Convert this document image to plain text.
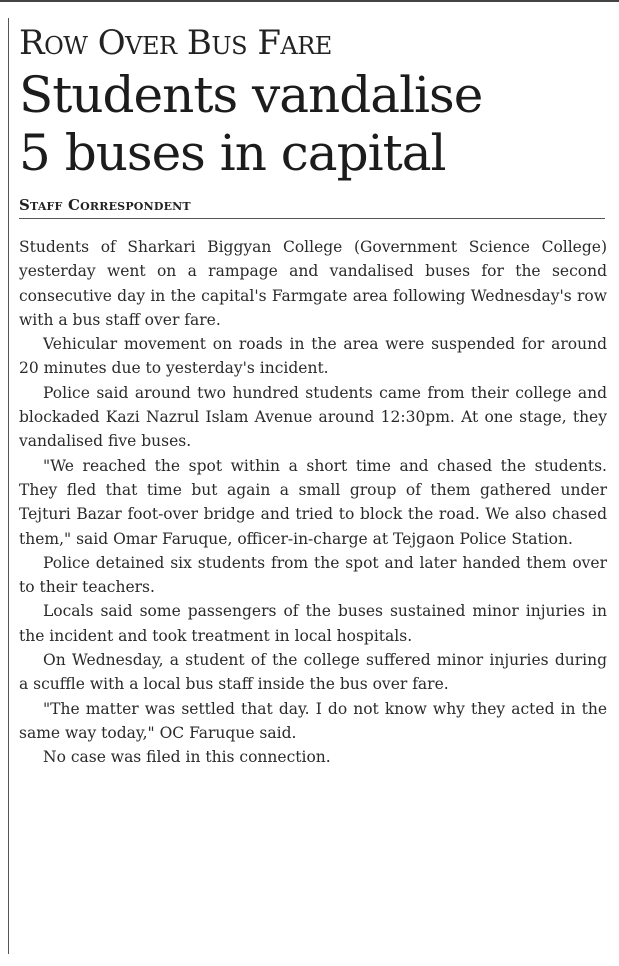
Row Over Bus Fare
Students vandalise
5 buses in capital
Staff Correspondent

Students of Sharkari Biggyan College (Government Science College) yesterday went on a rampage and vandalised buses for the second consecutive day in the capital's Farmgate area following Wednesday's row with a bus staff over fare.

Vehicular movement on roads in the area were suspended for around 20 minutes due to yesterday's incident.

Police said around two hundred students came from their college and blockaded Kazi Nazrul Islam Avenue around 12:30pm. At one stage, they vandalised five buses.

"We reached the spot within a short time and chased the students. They fled that time but again a small group of them gathered under Tejturi Bazar foot-over bridge and tried to block the road. We also chased them," said Omar Faruque, officer-in-charge at Tejgaon Police Station.

Police detained six students from the spot and later handed them over to their teachers.

Locals said some passengers of the buses sustained minor injuries in the incident and took treatment in local hospitals.

On Wednesday, a student of the college suffered minor injuries during a scuffle with a local bus staff inside the bus over fare.

"The matter was settled that day. I do not know why they acted in the same way today," OC Faruque said.

No case was filed in this connection.
